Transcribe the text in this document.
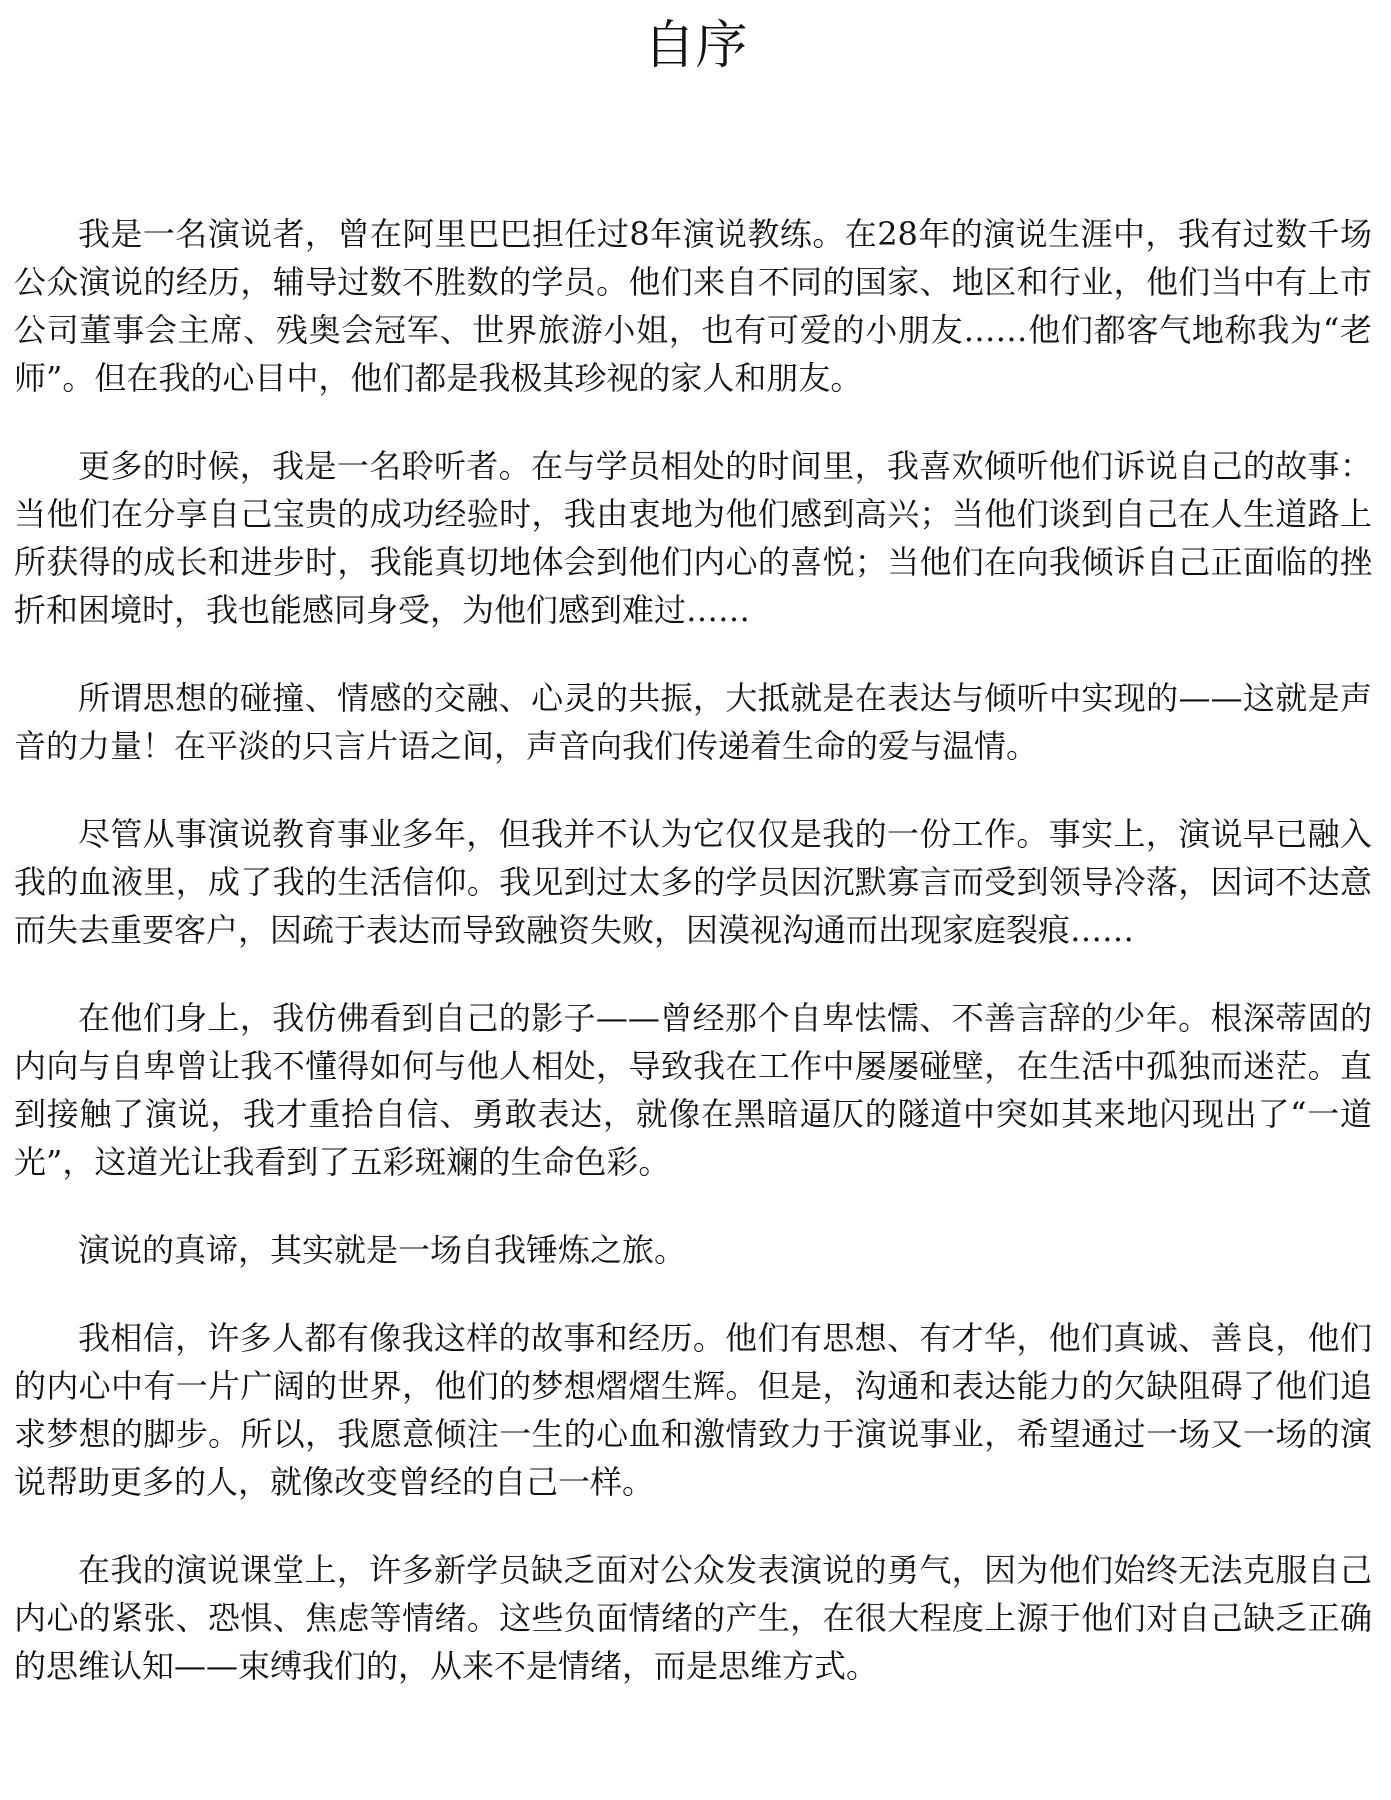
自序

我是一名演说者，曾在阿里巴巴担任过8年演说教练。在28年的演说生涯中，我有过数千场公众演说的经历，辅导过数不胜数的学员。他们来自不同的国家、地区和行业，他们当中有上市公司董事会主席、残奥会冠军、世界旅游小姐，也有可爱的小朋友……他们都客气地称我为“老师”。但在我的心目中，他们都是我极其珍视的家人和朋友。

更多的时候，我是一名聆听者。在与学员相处的时间里，我喜欢倾听他们诉说自己的故事：当他们在分享自己宝贵的成功经验时，我由衷地为他们感到高兴；当他们谈到自己在人生道路上所获得的成长和进步时，我能真切地体会到他们内心的喜悦；当他们在向我倾诉自己正面临的挫折和困境时，我也能感同身受，为他们感到难过……

所谓思想的碰撞、情感的交融、心灵的共振，大抵就是在表达与倾听中实现的——这就是声音的力量！在平淡的只言片语之间，声音向我们传递着生命的爱与温情。

尽管从事演说教育事业多年，但我并不认为它仅仅是我的一份工作。事实上，演说早已融入我的血液里，成了我的生活信仰。我见到过太多的学员因沉默寡言而受到领导冷落，因词不达意而失去重要客户，因疏于表达而导致融资失败，因漠视沟通而出现家庭裂痕……

在他们身上，我仿佛看到自己的影子——曾经那个自卑怯懦、不善言辞的少年。根深蒂固的内向与自卑曾让我不懂得如何与他人相处，导致我在工作中屡屡碰壁，在生活中孤独而迷茫。直到接触了演说，我才重拾自信、勇敢表达，就像在黑暗逼仄的隧道中突如其来地闪现出了“一道光”，这道光让我看到了五彩斑斓的生命色彩。

演说的真谛，其实就是一场自我锤炼之旅。

我相信，许多人都有像我这样的故事和经历。他们有思想、有才华，他们真诚、善良，他们的内心中有一片广阔的世界，他们的梦想熠熠生辉。但是，沟通和表达能力的欠缺阻碍了他们追求梦想的脚步。所以，我愿意倾注一生的心血和激情致力于演说事业，希望通过一场又一场的演说帮助更多的人，就像改变曾经的自己一样。

在我的演说课堂上，许多新学员缺乏面对公众发表演说的勇气，因为他们始终无法克服自己内心的紧张、恐惧、焦虑等情绪。这些负面情绪的产生，在很大程度上源于他们对自己缺乏正确的思维认知——束缚我们的，从来不是情绪，而是思维方式。
